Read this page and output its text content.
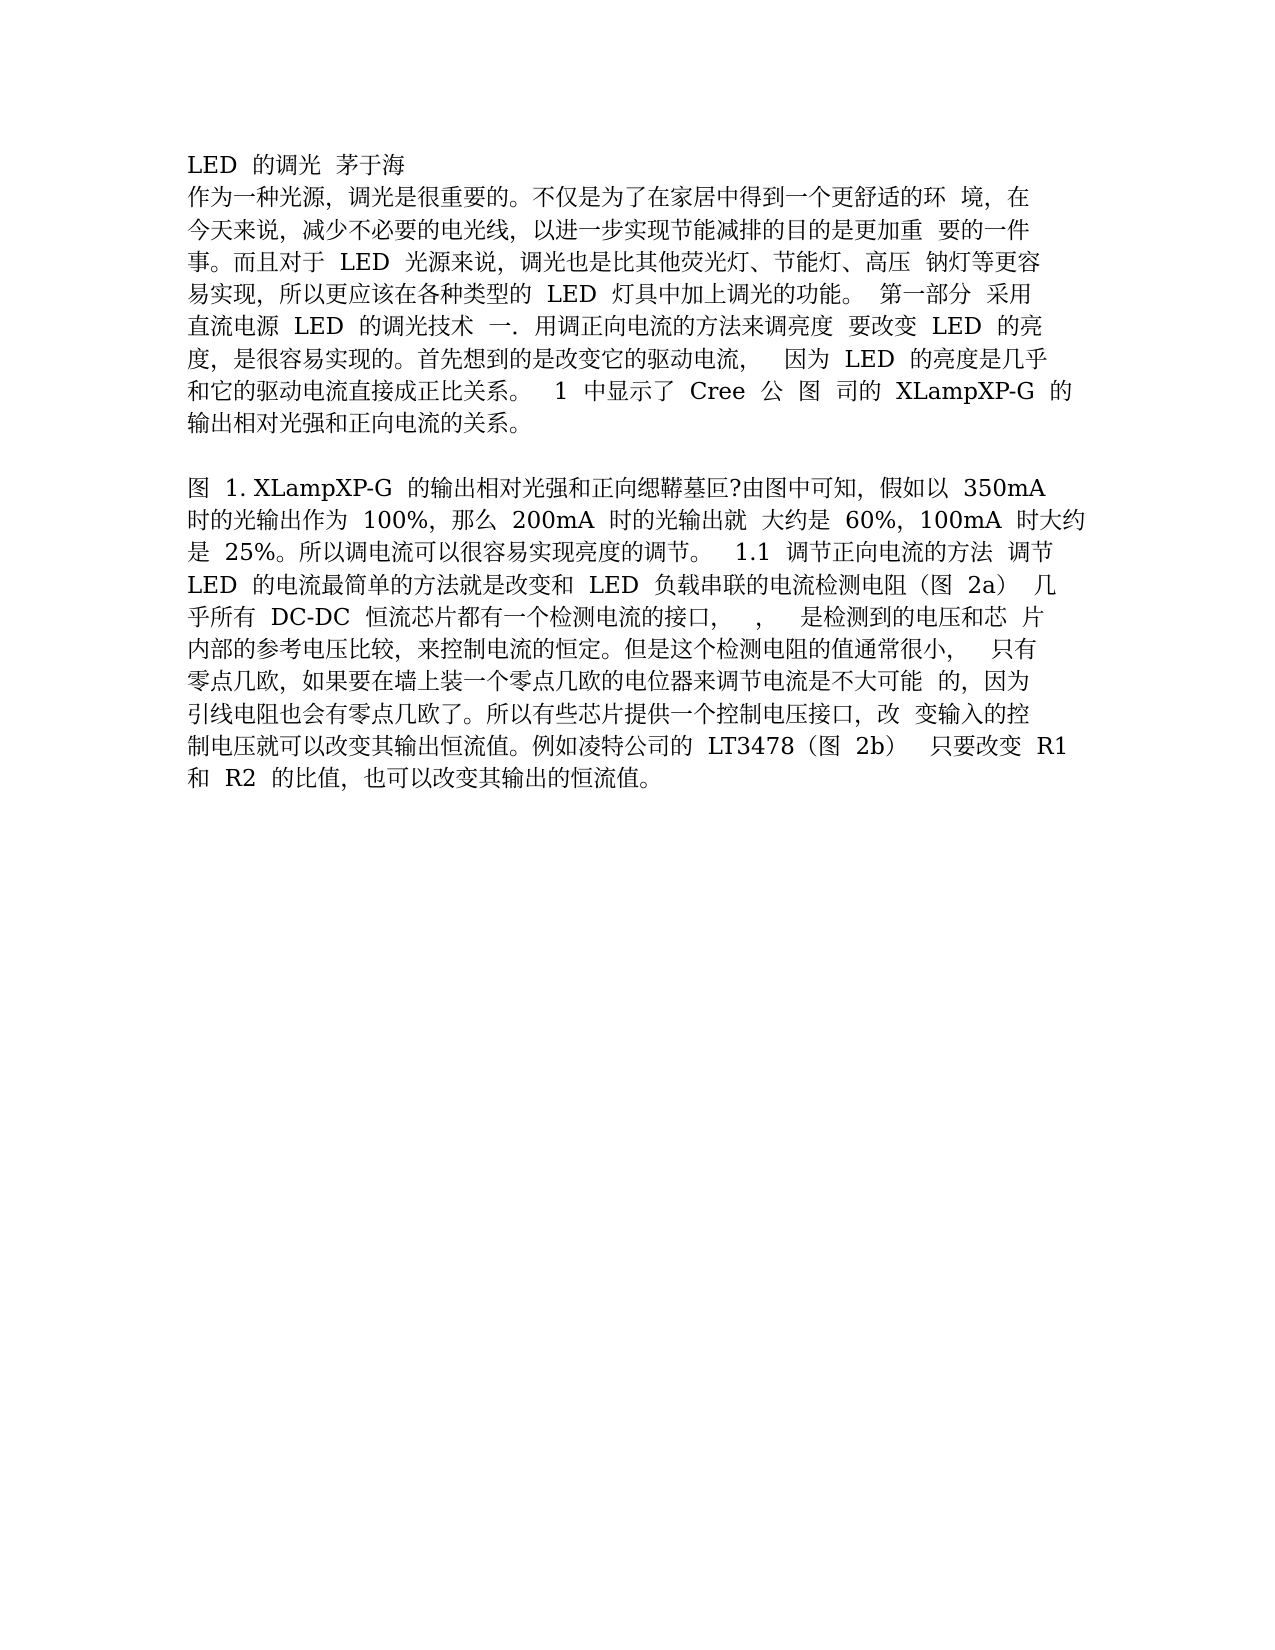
LED  的调光  茅于海
作为一种光源，调光是很重要的。不仅是为了在家居中得到一个更舒适的环  境，在
今天来说，减少不必要的电光线，以进一步实现节能减排的目的是更加重  要的一件
事。而且对于  LED  光源来说，调光也是比其他荧光灯、节能灯、高压  钠灯等更容
易实现，所以更应该在各种类型的  LED  灯具中加上调光的功能。  第一部分  采用
直流电源  LED  的调光技术  一．用调正向电流的方法来调亮度  要改变  LED  的亮
度，是很容易实现的。首先想到的是改变它的驱动电流，   因为  LED  的亮度是几乎
和它的驱动电流直接成正比关系。   1  中显示了  Cree  公  图  司的  XLampXP-G  的
输出相对光强和正向电流的关系。
图  1. XLampXP-G  的输出相对光强和正向缌鞯墓叵?由图中可知，假如以  350mA
时的光输出作为  100%，那么  200mA  时的光输出就  大约是  60%，100mA  时大约
是  25%。所以调电流可以很容易实现亮度的调节。   1.1  调节正向电流的方法  调节
LED  的电流最简单的方法就是改变和  LED  负载串联的电流检测电阻（图  2a）  几
乎所有  DC-DC  恒流芯片都有一个检测电流的接口，   ，   是检测到的电压和芯  片
内部的参考电压比较，来控制电流的恒定。但是这个检测电阻的值通常很小，   只有
零点几欧，如果要在墙上装一个零点几欧的电位器来调节电流是不大可能  的，因为
引线电阻也会有零点几欧了。所以有些芯片提供一个控制电压接口，改  变输入的控
制电压就可以改变其输出恒流值。例如凌特公司的  LT3478（图  2b）   只要改变  R1
和  R2  的比值，也可以改变其输出的恒流值。
